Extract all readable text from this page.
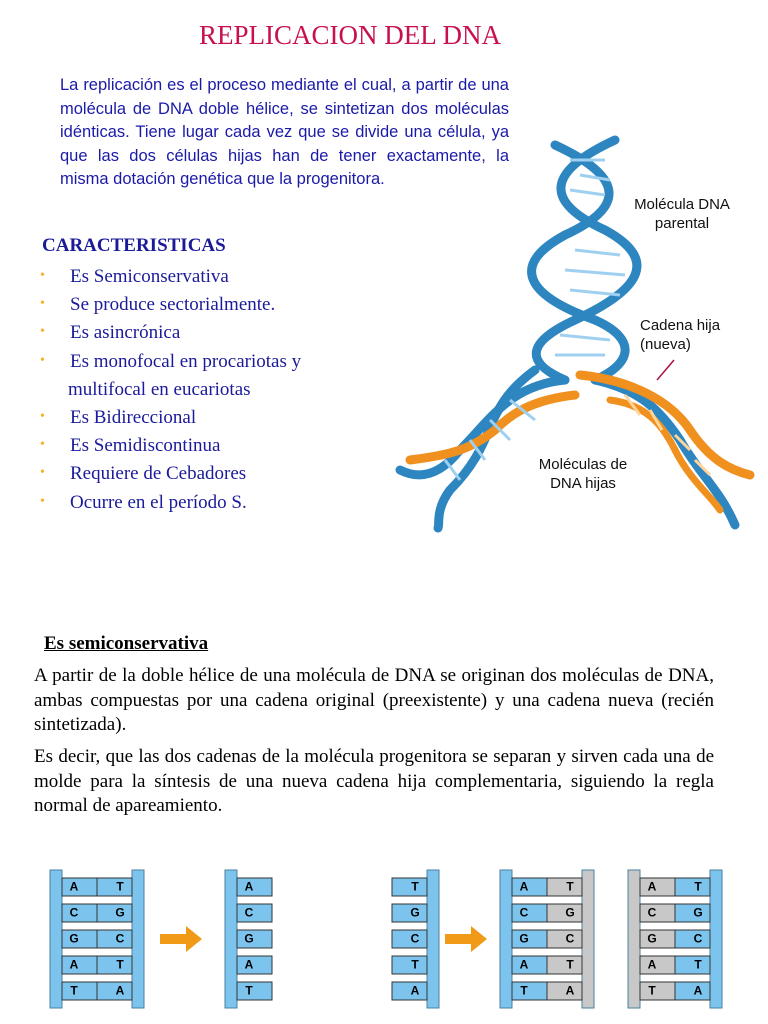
REPLICACION DEL DNA
La replicación es el proceso mediante el cual, a partir de una molécula de DNA doble hélice, se sintetizan dos moléculas idénticas. Tiene lugar cada vez que se divide una célula, ya que las dos células hijas han de tener exactamente, la misma dotación genética que la progenitora.
CARACTERISTICAS
• Es Semiconservativa
• Se produce sectorialmente.
• Es asincrónica
• Es monofocal en procariotas y
multifocal en eucariotas
• Es Bidireccional
• Es Semidiscontinua
• Requiere de Cebadores
• Ocurre en el período S.
Molécula DNA
parental
Cadena hija
(nueva)
Moléculas de
DNA hijas
Es semiconservativa
A partir de la doble hélice de una molécula de DNA se originan dos moléculas de DNA, ambas compuestas por una cadena original (preexistente) y una cadena nueva (recién sintetizada).
Es decir, que las dos cadenas de la molécula progenitora se separan y sirven cada una de molde para la síntesis de una nueva cadena hija complementaria, siguiendo la regla normal de apareamiento.
A	T
C	G
G	C
A	T
T	A
A
C
G
A
T
T
G
C
T
A
A	T
C	G
G	C
A	T
T	A
A	T
C	G
G	C
A	T
T	A
